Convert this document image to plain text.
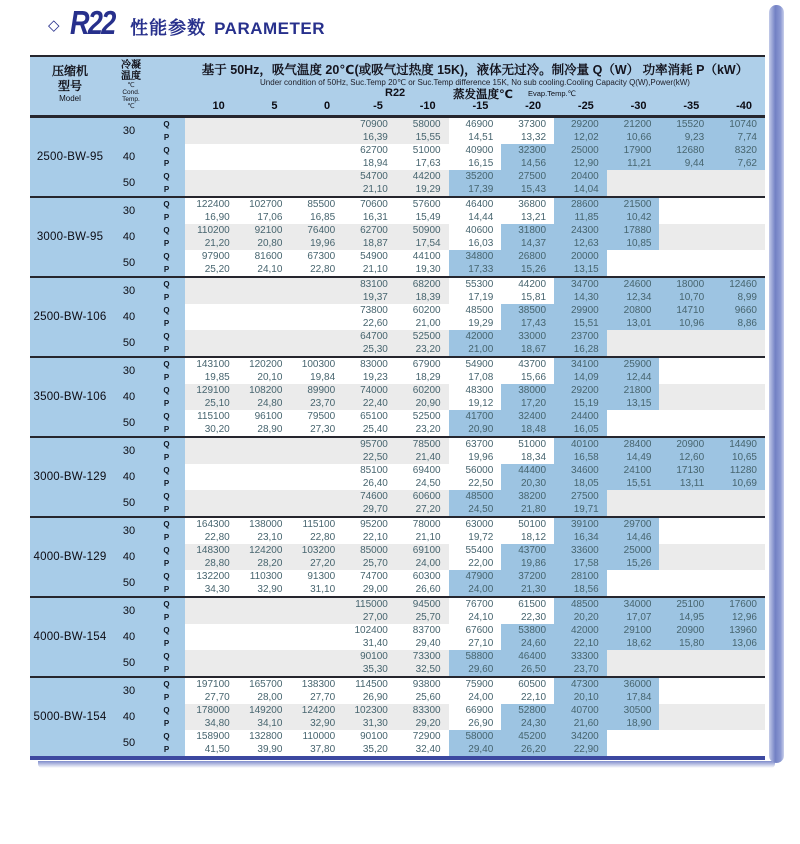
◇ R22 性能参数 PARAMETER
压缩机
型号
Model
冷凝
温度
℃
Cond.
Temp.
℃
基于 50Hz，吸气温度 20℃(或吸气过热度 15K)，液体无过冷。制冷量 Q（W） 功率消耗 P（kW）
Under condition of 50Hz, Suc.Temp 20℃ or Suc.Temp difference 15K, No sub cooling.Cooling Capacity Q(W),Power(kW)
R22	蒸发温度℃ Evap.Temp.℃
10	5	0	-5	-10	-15	-20	-25	-30	-35	-40
2500-BW-95	30	Q				70900	58000	46900	37300	29200	21200	15520	10740
		P				16,39	15,55	14,51	13,32	12,02	10,66	9,23	7,74
	40	Q				62700	51000	40900	32300	25000	17900	12680	8320
		P				18,94	17,63	16,15	14,56	12,90	11,21	9,44	7,62
	50	Q				54700	44200	35200	27500	20400			
		P				21,10	19,29	17,39	15,43	14,04			
3000-BW-95	30	Q	122400	102700	85500	70600	57600	46400	36800	28600	21500		
		P	16,90	17,06	16,85	16,31	15,49	14,44	13,21	11,85	10,42		
	40	Q	110200	92100	76400	62700	50900	40600	31800	24300	17880		
		P	21,20	20,80	19,96	18,87	17,54	16,03	14,37	12,63	10,85		
	50	Q	97900	81600	67300	54900	44100	34800	26800	20000			
		P	25,20	24,10	22,80	21,10	19,30	17,33	15,26	13,15			
2500-BW-106	30	Q				83100	68200	55300	44200	34700	24600	18000	12460
		P				19,37	18,39	17,19	15,81	14,30	12,34	10,70	8,99
	40	Q				73800	60200	48500	38500	29900	20800	14710	9660
		P				22,60	21,00	19,29	17,43	15,51	13,01	10,96	8,86
	50	Q				64700	52500	42000	33000	23700			
		P				25,30	23,20	21,00	18,67	16,28			
3500-BW-106	30	Q	143100	120200	100300	83000	67900	54900	43700	34100	25900		
		P	19,85	20,10	19,84	19,23	18,29	17,08	15,66	14,09	12,44		
	40	Q	129100	108200	89900	74000	60200	48300	38000	29200	21800		
		P	25,10	24,80	23,70	22,40	20,90	19,12	17,20	15,19	13,15		
	50	Q	115100	96100	79500	65100	52500	41700	32400	24400			
		P	30,20	28,90	27,30	25,40	23,20	20,90	18,48	16,05			
3000-BW-129	30	Q				95700	78500	63700	51000	40100	28400	20900	14490
		P				22,50	21,40	19,96	18,34	16,58	14,49	12,60	10,65
	40	Q				85100	69400	56000	44400	34600	24100	17130	11280
		P				26,40	24,50	22,50	20,30	18,05	15,51	13,11	10,69
	50	Q				74600	60600	48500	38200	27500			
		P				29,70	27,20	24,50	21,80	19,71			
4000-BW-129	30	Q	164300	138000	115100	95200	78000	63000	50100	39100	29700		
		P	22,80	23,10	22,80	22,10	21,10	19,72	18,12	16,34	14,46		
	40	Q	148300	124200	103200	85000	69100	55400	43700	33600	25000		
		P	28,80	28,20	27,20	25,70	24,00	22,00	19,86	17,58	15,26		
	50	Q	132200	110300	91300	74700	60300	47900	37200	28100			
		P	34,30	32,90	31,10	29,00	26,60	24,00	21,30	18,56			
4000-BW-154	30	Q				115000	94500	76700	61500	48500	34000	25100	17600
		P				27,00	25,70	24,10	22,30	20,20	17,07	14,95	12,96
	40	Q				102400	83700	67600	53800	42000	29100	20900	13960
		P				31,40	29,40	27,10	24,60	22,10	18,62	15,80	13,06
	50	Q				90100	73300	58800	46400	33300			
		P				35,30	32,50	29,60	26,50	23,70			
5000-BW-154	30	Q	197100	165700	138300	114500	93800	75900	60500	47300	36000		
		P	27,70	28,00	27,70	26,90	25,60	24,00	22,10	20,10	17,84		
	40	Q	178000	149200	124200	102300	83300	66900	52800	40700	30500		
		P	34,80	34,10	32,90	31,30	29,20	26,90	24,30	21,60	18,90		
	50	Q	158900	132800	110000	90100	72900	58000	45200	34200			
		P	41,50	39,90	37,80	35,20	32,40	29,40	26,20	22,90			
